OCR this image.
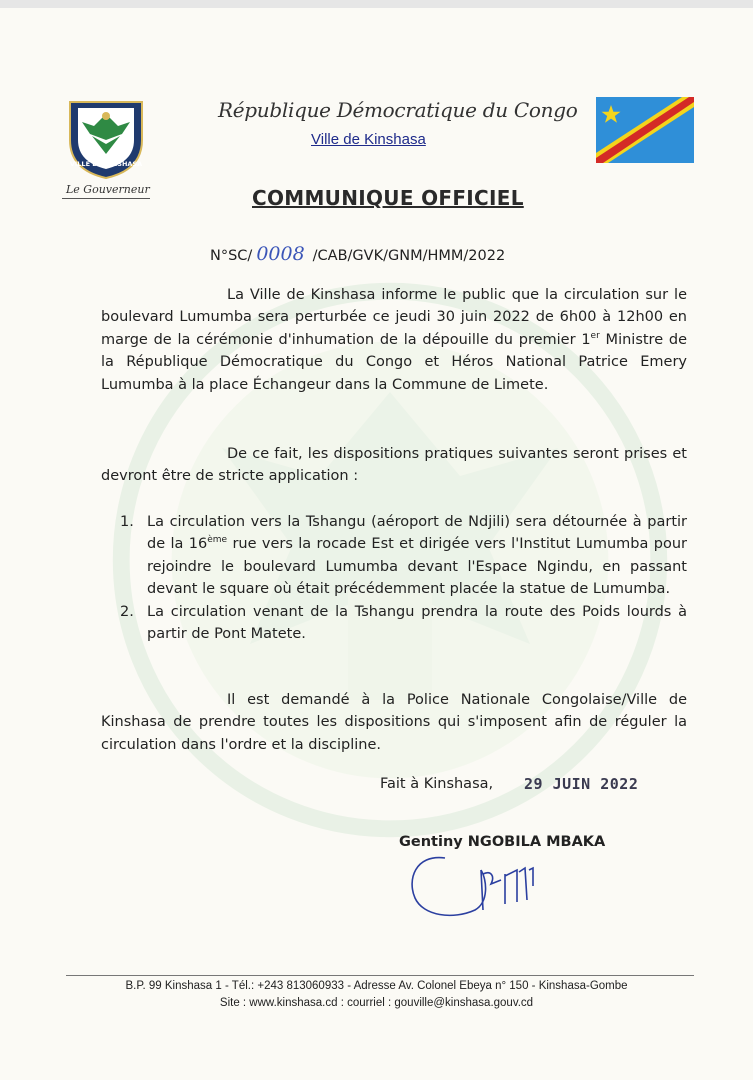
VILLE DE KINSHASA
Le Gouverneur
République Démocratique du Congo
Ville de Kinshasa
COMMUNIQUE OFFICIEL
N°SC/ 0008 /CAB/GVK/GNM/HMM/2022
La Ville de Kinshasa informe le public que la circulation sur le boulevard Lumumba sera perturbée ce jeudi 30 juin 2022 de 6h00 à 12h00 en marge de la cérémonie d'inhumation de la dépouille du premier 1er Ministre de la République Démocratique du Congo et Héros National Patrice Emery Lumumba à la place Échangeur dans la Commune de Limete.
De ce fait, les dispositions pratiques suivantes seront prises et devront être de stricte application :
1. La circulation vers la Tshangu (aéroport de Ndjili) sera détournée à partir de la 16ème rue vers la rocade Est et dirigée vers l'Institut Lumumba pour rejoindre le boulevard Lumumba devant l'Espace Ngindu, en passant devant le square où était précédemment placée la statue de Lumumba.
2. La circulation venant de la Tshangu prendra la route des Poids lourds à partir de Pont Matete.
Il est demandé à la Police Nationale Congolaise/Ville de Kinshasa de prendre toutes les dispositions qui s'imposent afin de réguler la circulation dans l'ordre et la discipline.
Fait à Kinshasa, 29 JUIN 2022
Gentiny NGOBILA MBAKA
B.P. 99 Kinshasa 1 - Tél.: +243 813060933 - Adresse Av. Colonel Ebeya n° 150 - Kinshasa-Gombe
Site : www.kinshasa.cd : courriel : gouville@kinshasa.gouv.cd
